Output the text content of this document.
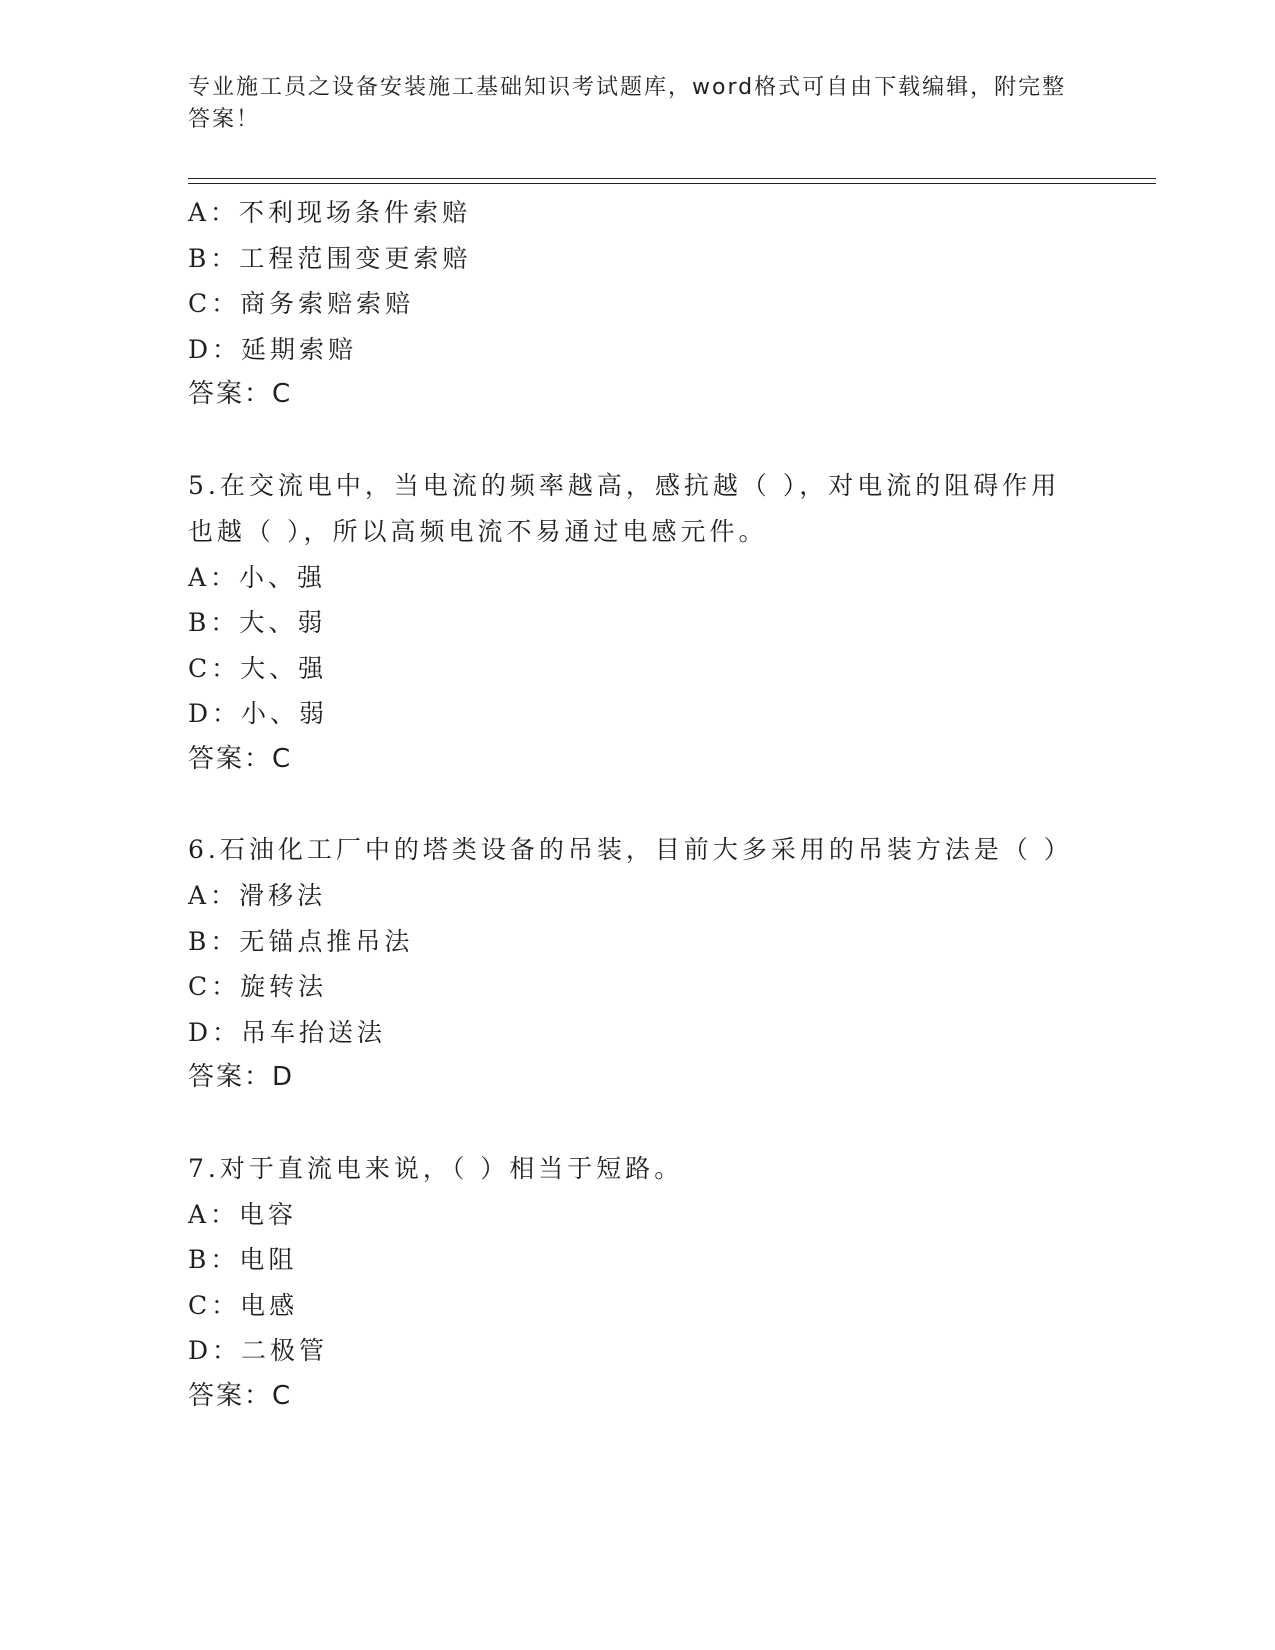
专业施工员之设备安装施工基础知识考试题库，word格式可自由下载编辑，附完整答案！
A：不利现场条件索赔
B：工程范围变更索赔
C：商务索赔索赔
D：延期索赔
答案：C
5.在交流电中，当电流的频率越高，感抗越（ ），对电流的阻碍作用也越（ ），所以高频电流不易通过电感元件。
A：小、强
B：大、弱
C：大、强
D：小、弱
答案：C
6.石油化工厂中的塔类设备的吊装，目前大多采用的吊装方法是（ ）
A：滑移法
B：无锚点推吊法
C：旋转法
D：吊车抬送法
答案：D
7.对于直流电来说，（ ）相当于短路。
A：电容
B：电阻
C：电感
D：二极管
答案：C
